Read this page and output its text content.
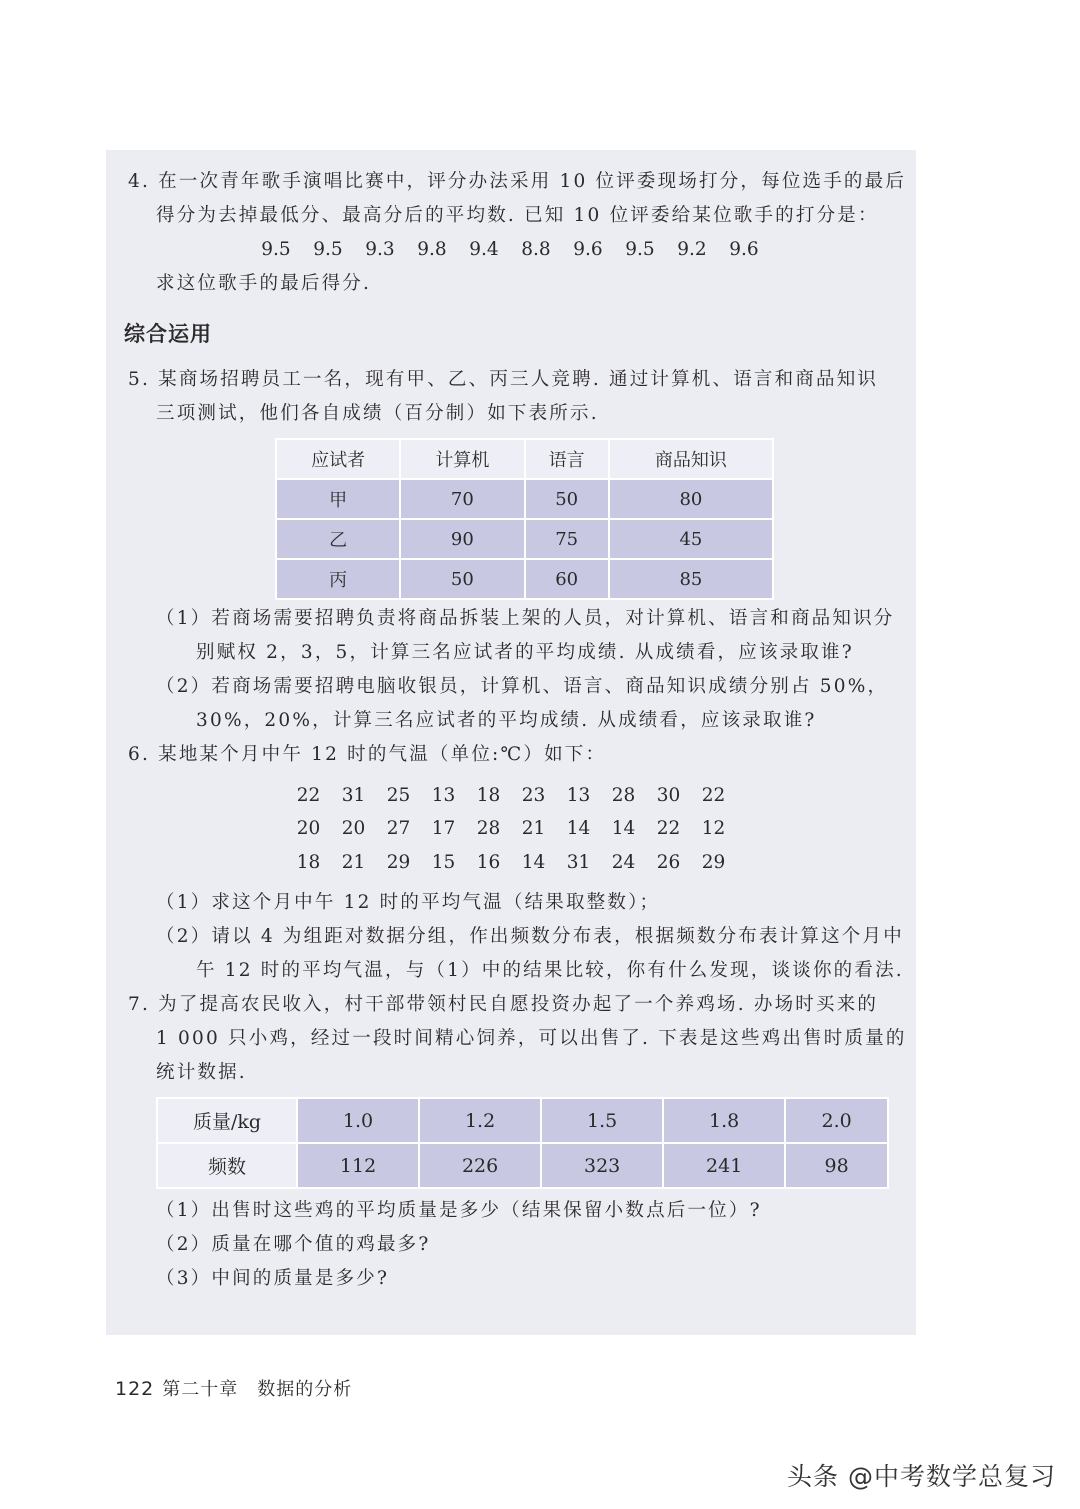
4. 在一次青年歌手演唱比赛中，评分办法采用 10 位评委现场打分，每位选手的最后
得分为去掉最低分、最高分后的平均数. 已知 10 位评委给某位歌手的打分是：
9.5 9.5 9.3 9.8 9.4 8.8 9.6 9.5 9.2 9.6
求这位歌手的最后得分.
综合运用
5. 某商场招聘员工一名，现有甲、乙、丙三人竞聘. 通过计算机、语言和商品知识
三项测试，他们各自成绩（百分制）如下表所示.
应试者	计算机	语言	商品知识
甲	70	50	80
乙	90	75	45
丙	50	60	85
（1）若商场需要招聘负责将商品拆装上架的人员，对计算机、语言和商品知识分
别赋权 2，3，5，计算三名应试者的平均成绩. 从成绩看，应该录取谁?
（2）若商场需要招聘电脑收银员，计算机、语言、商品知识成绩分别占 50%，
30%，20%，计算三名应试者的平均成绩. 从成绩看，应该录取谁?
6. 某地某个月中午 12 时的气温（单位:℃）如下：
22 31 25 13 18 23 13 28 30 22
20 20 27 17 28 21 14 14 22 12
18 21 29 15 16 14 31 24 26 29
（1）求这个月中午 12 时的平均气温（结果取整数）；
（2）请以 4 为组距对数据分组，作出频数分布表，根据频数分布表计算这个月中
午 12 时的平均气温，与（1）中的结果比较，你有什么发现，谈谈你的看法.
7. 为了提高农民收入，村干部带领村民自愿投资办起了一个养鸡场. 办场时买来的
1 000 只小鸡，经过一段时间精心饲养，可以出售了. 下表是这些鸡出售时质量的
统计数据.
质量/kg	1.0	1.2	1.5	1.8	2.0
频数	112	226	323	241	98
（1）出售时这些鸡的平均质量是多少（结果保留小数点后一位）?
（2）质量在哪个值的鸡最多?
（3）中间的质量是多少?
122 第二十章　数据的分析
头条 @中考数学总复习
